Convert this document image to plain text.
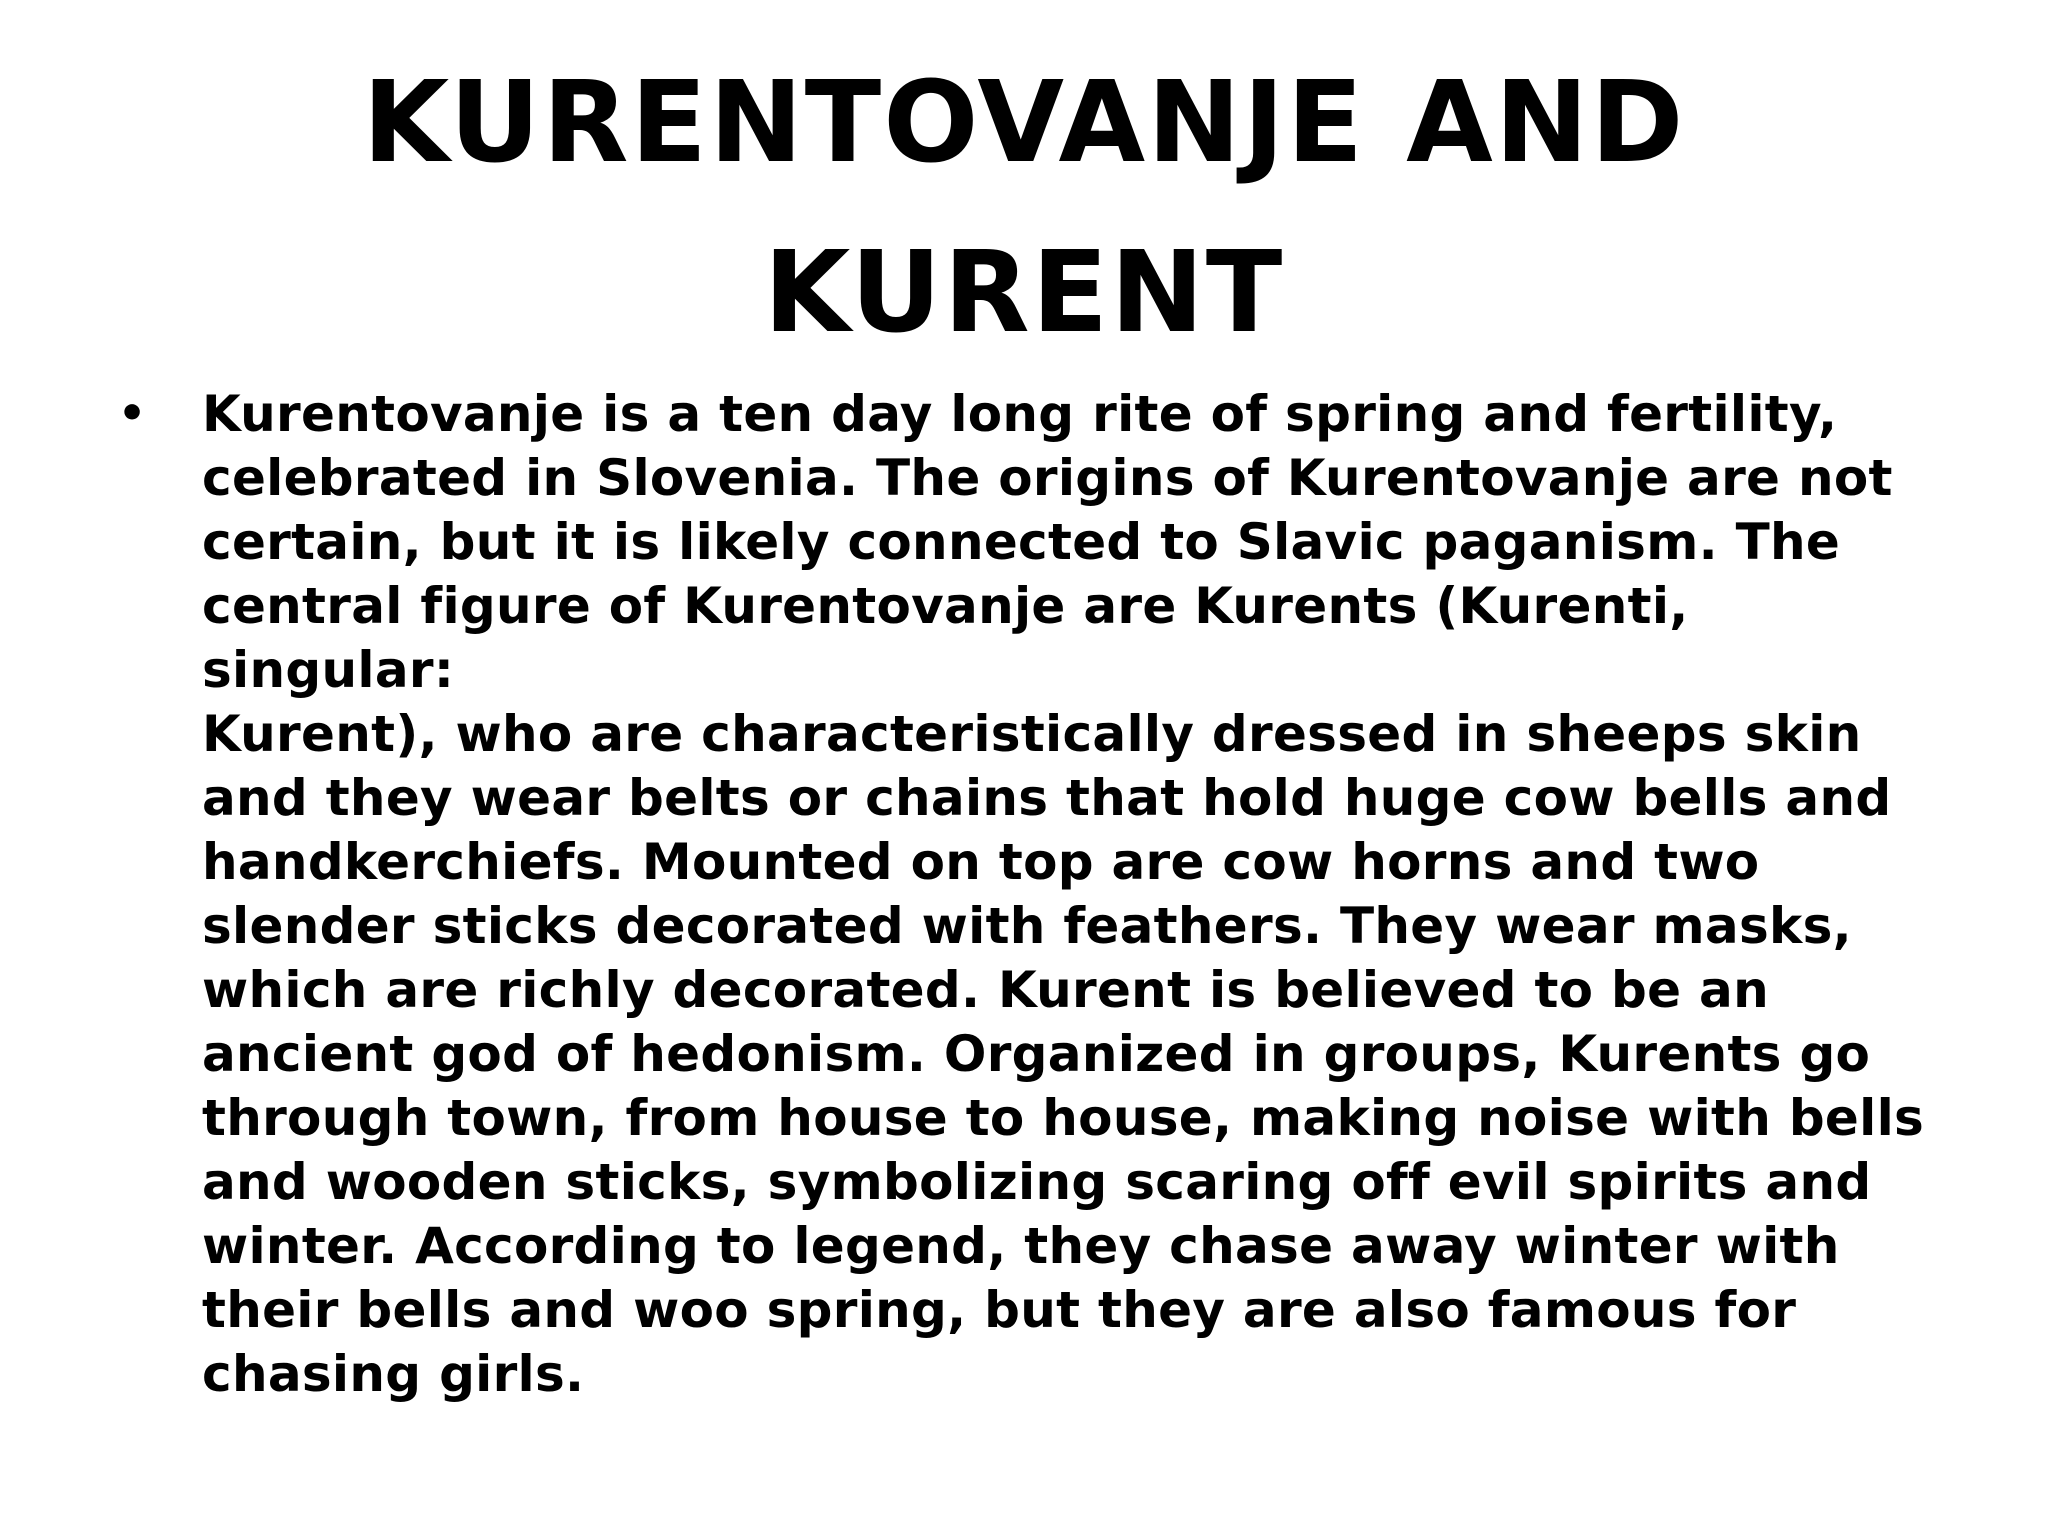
KURENTOVANJE AND KURENT
• Kurentovanje is a ten day long rite of spring and fertility,
celebrated in Slovenia. The origins of Kurentovanje are not
certain, but it is likely connected to Slavic paganism. The
central figure of Kurentovanje are Kurents (Kurenti, singular:
Kurent), who are characteristically dressed in sheeps skin
and they wear belts or chains that hold huge cow bells and
handkerchiefs. Mounted on top are cow horns and two
slender sticks decorated with feathers. They wear masks,
which are richly decorated. Kurent is believed to be an
ancient god of hedonism. Organized in groups, Kurents go
through town, from house to house, making noise with bells
and wooden sticks, symbolizing scaring off evil spirits and
winter. According to legend, they chase away winter with
their bells and woo spring, but they are also famous for
chasing girls.
